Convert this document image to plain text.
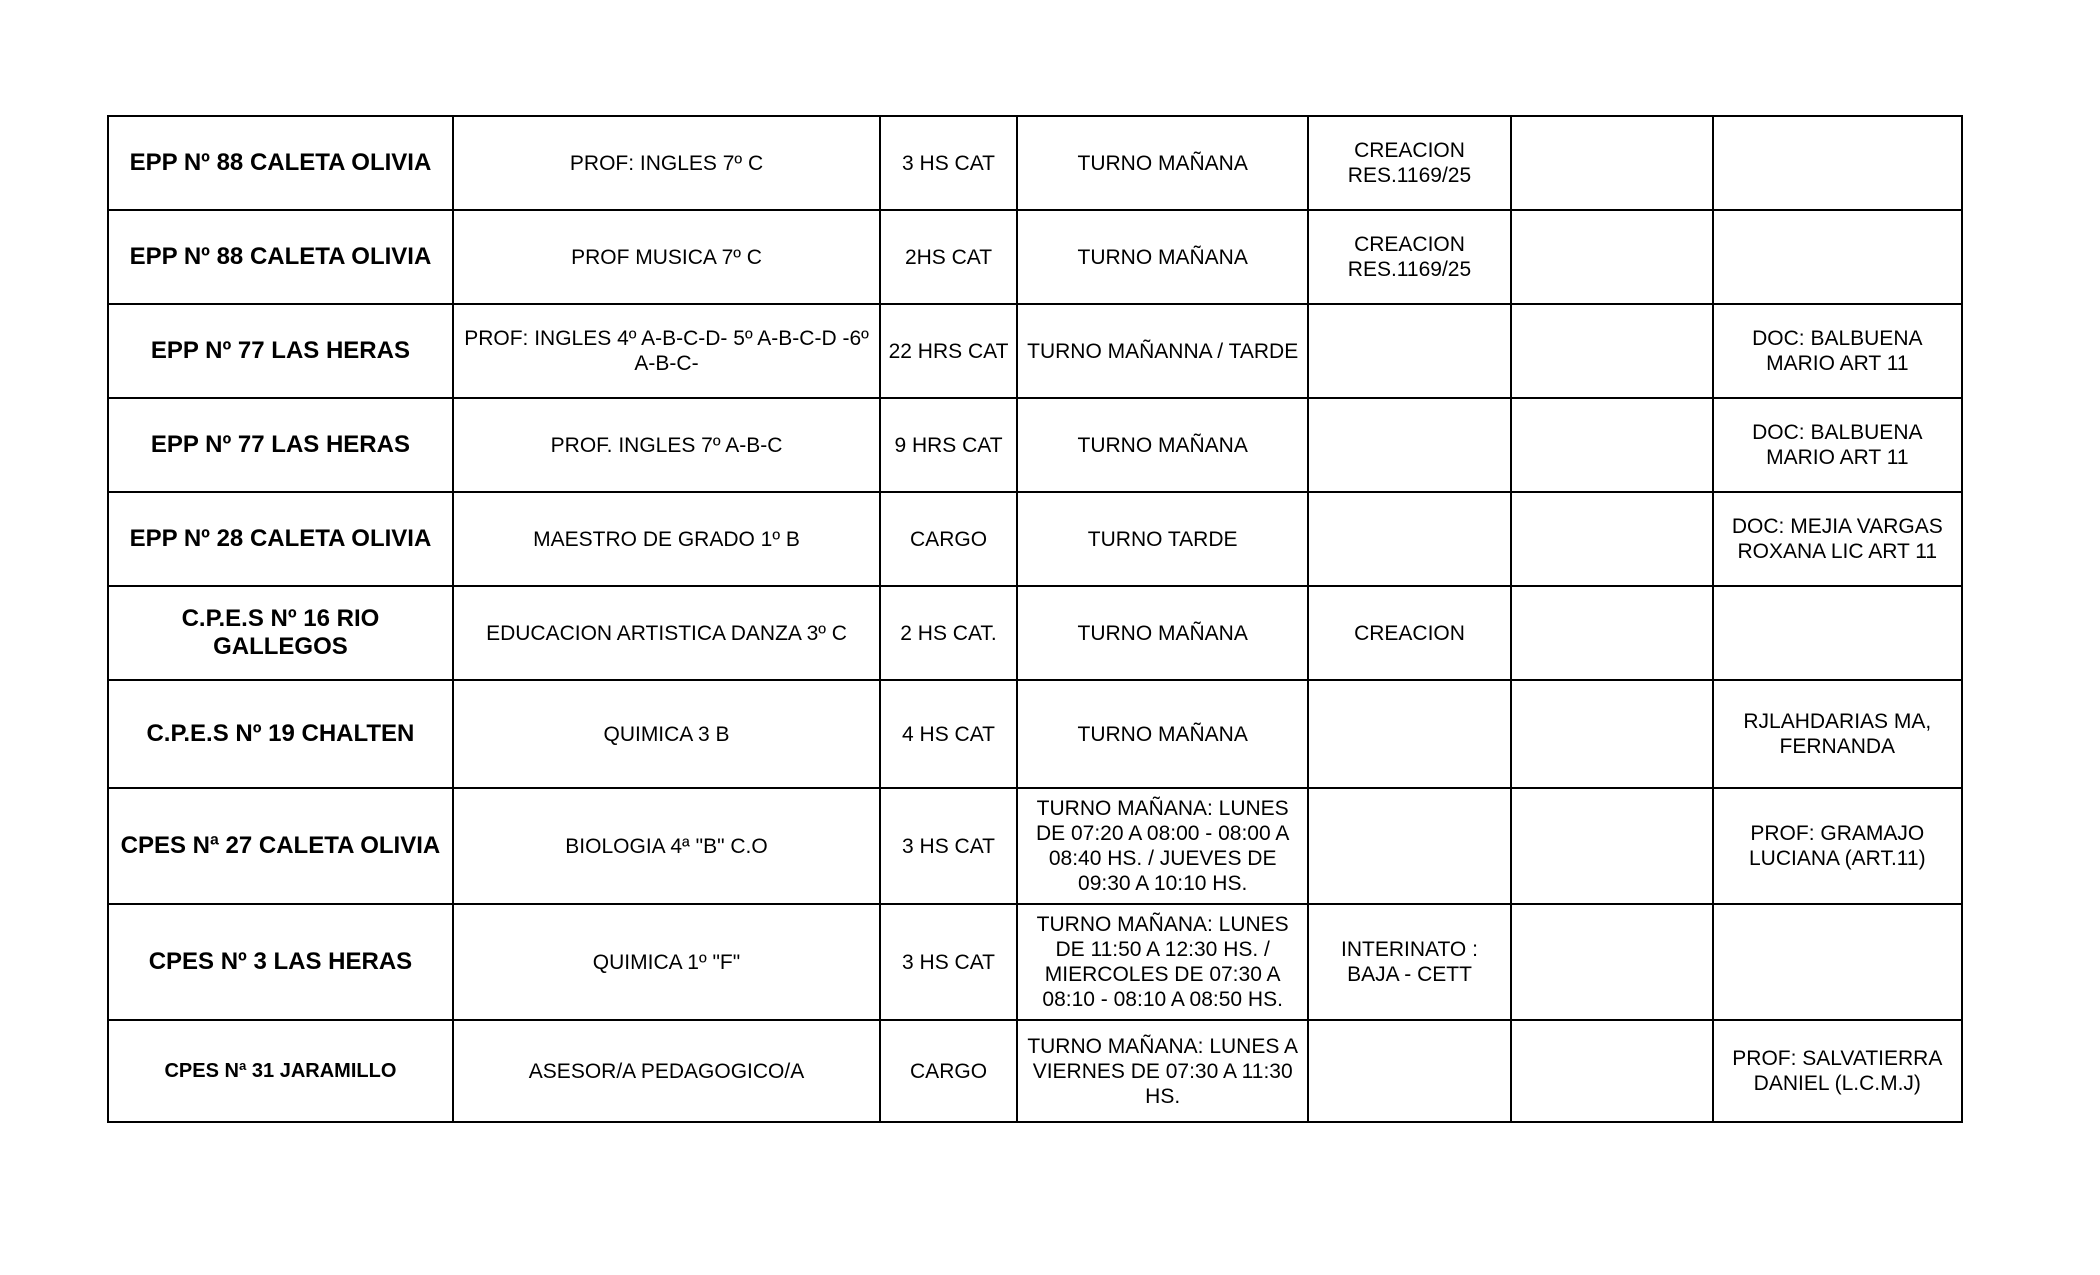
EPP Nº 88 CALETA OLIVIA	PROF: INGLES 7º C	3 HS CAT	TURNO MAÑANA	CREACION RES.1169/25		
EPP Nº 88 CALETA OLIVIA	PROF MUSICA 7º C	2HS CAT	TURNO MAÑANA	CREACION RES.1169/25		
EPP Nº 77 LAS HERAS	PROF: INGLES 4º A-B-C-D- 5º A-B-C-D -6º A-B-C-	22 HRS CAT	TURNO MAÑANNA / TARDE			DOC: BALBUENA MARIO ART 11
EPP Nº 77 LAS HERAS	PROF. INGLES 7º A-B-C	9 HRS CAT	TURNO MAÑANA			DOC: BALBUENA MARIO ART 11
EPP Nº 28 CALETA OLIVIA	MAESTRO DE GRADO 1º B	CARGO	TURNO TARDE			DOC: MEJIA VARGAS ROXANA LIC ART 11
C.P.E.S Nº 16 RIO GALLEGOS	EDUCACION ARTISTICA DANZA 3º C	2 HS CAT.	TURNO MAÑANA	CREACION		
C.P.E.S Nº 19 CHALTEN	QUIMICA 3 B	4 HS CAT	TURNO MAÑANA			RJLAHDARIAS MA, FERNANDA
CPES Nª 27 CALETA OLIVIA	BIOLOGIA 4ª "B" C.O	3 HS CAT	TURNO MAÑANA: LUNES DE 07:20 A 08:00 - 08:00 A 08:40 HS. / JUEVES DE 09:30 A 10:10 HS.			PROF: GRAMAJO LUCIANA (ART.11)
CPES Nº 3 LAS HERAS	QUIMICA 1º "F"	3 HS CAT	TURNO MAÑANA: LUNES DE 11:50 A 12:30 HS. / MIERCOLES DE 07:30 A 08:10 - 08:10 A 08:50 HS.	INTERINATO : BAJA - CETT		
CPES Nª 31 JARAMILLO	ASESOR/A PEDAGOGICO/A	CARGO	TURNO MAÑANA: LUNES A VIERNES DE 07:30 A 11:30 HS.			PROF: SALVATIERRA DANIEL (L.C.M.J)
